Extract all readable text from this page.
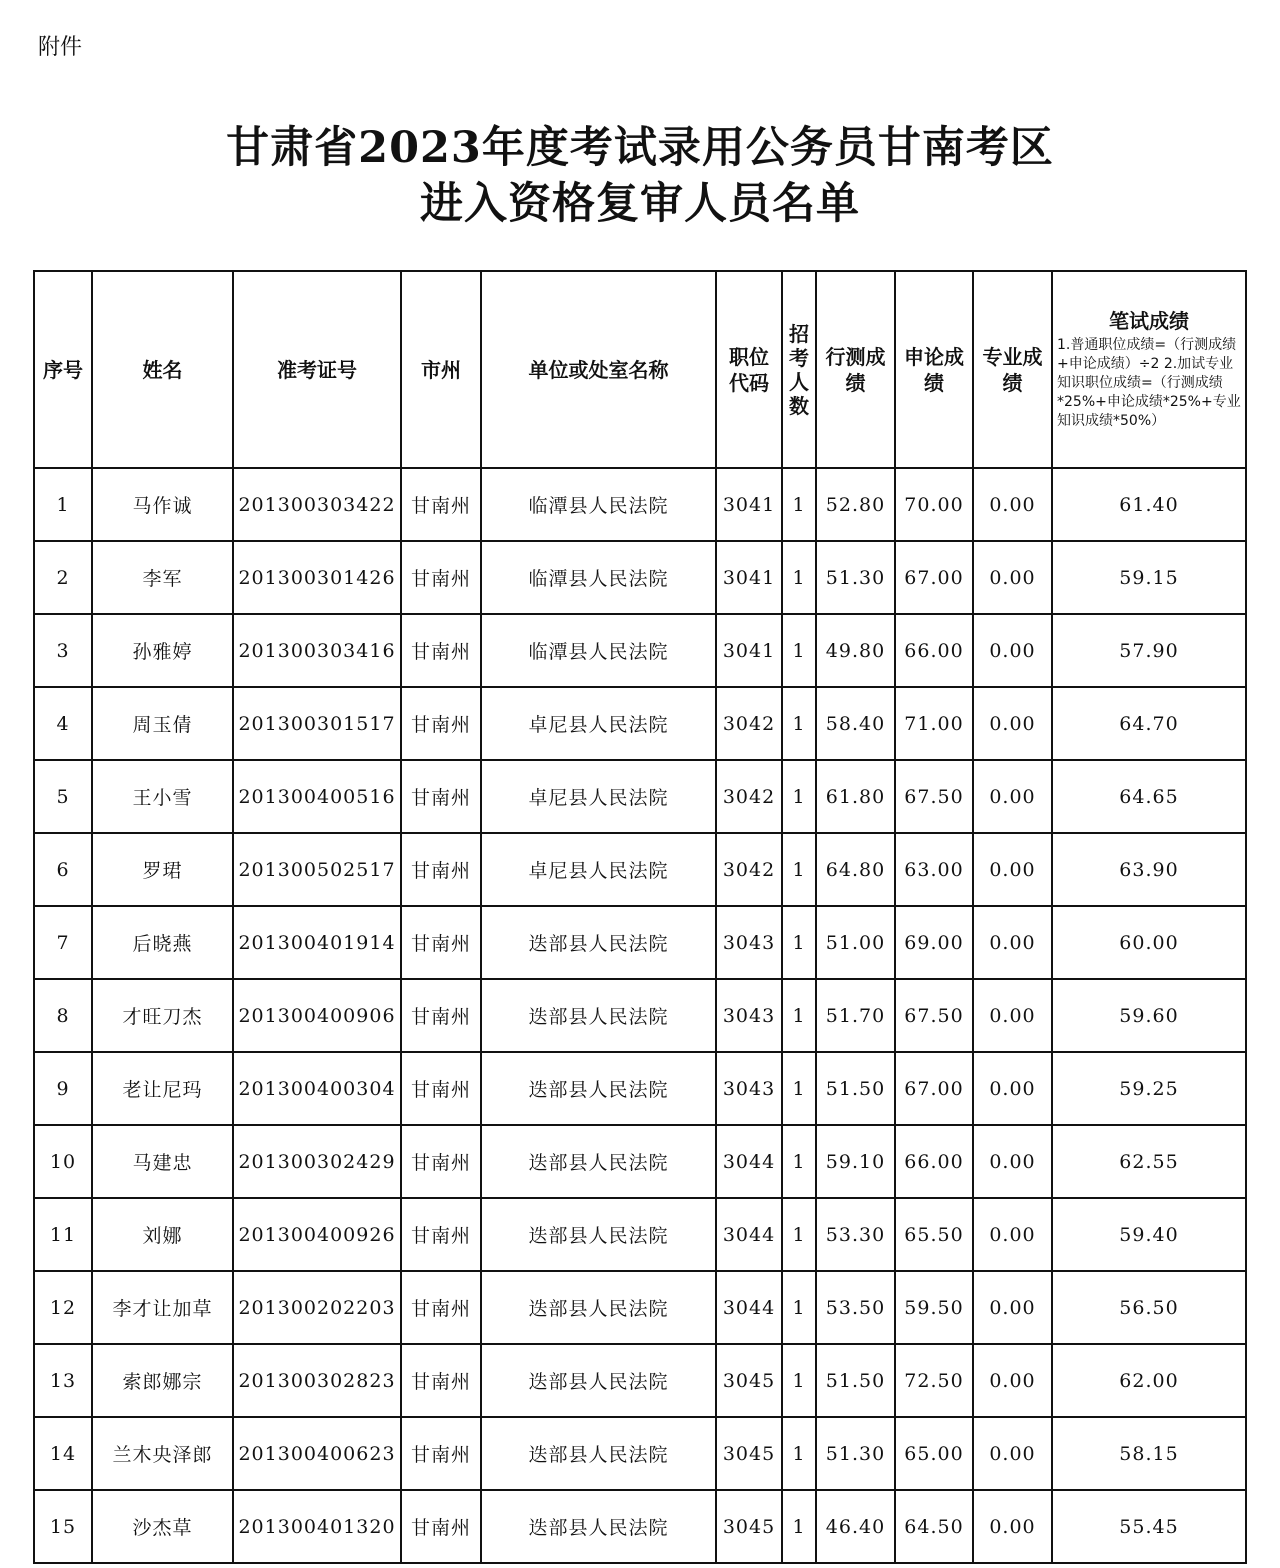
附件
甘肃省2023年度考试录用公务员甘南考区
进入资格复审人员名单
序号	姓名	准考证号	市州	单位或处室名称	职位代码	招考人数	行测成绩	申论成绩	专业成绩	笔试成绩
1.普通职位成绩=（行测成绩+申论成绩）÷2 2.加试专业知识职位成绩=（行测成绩*25%+申论成绩*25%+专业知识成绩*50%）

1	马作诚	201300303422	甘南州	临潭县人民法院	3041	1	52.80	70.00	0.00	61.40
2	李军	201300301426	甘南州	临潭县人民法院	3041	1	51.30	67.00	0.00	59.15
3	孙雅婷	201300303416	甘南州	临潭县人民法院	3041	1	49.80	66.00	0.00	57.90
4	周玉倩	201300301517	甘南州	卓尼县人民法院	3042	1	58.40	71.00	0.00	64.70
5	王小雪	201300400516	甘南州	卓尼县人民法院	3042	1	61.80	67.50	0.00	64.65
6	罗珺	201300502517	甘南州	卓尼县人民法院	3042	1	64.80	63.00	0.00	63.90
7	后晓燕	201300401914	甘南州	迭部县人民法院	3043	1	51.00	69.00	0.00	60.00
8	才旺刀杰	201300400906	甘南州	迭部县人民法院	3043	1	51.70	67.50	0.00	59.60
9	老让尼玛	201300400304	甘南州	迭部县人民法院	3043	1	51.50	67.00	0.00	59.25
10	马建忠	201300302429	甘南州	迭部县人民法院	3044	1	59.10	66.00	0.00	62.55
11	刘娜	201300400926	甘南州	迭部县人民法院	3044	1	53.30	65.50	0.00	59.40
12	李才让加草	201300202203	甘南州	迭部县人民法院	3044	1	53.50	59.50	0.00	56.50
13	索郎娜宗	201300302823	甘南州	迭部县人民法院	3045	1	51.50	72.50	0.00	62.00
14	兰木央泽郎	201300400623	甘南州	迭部县人民法院	3045	1	51.30	65.00	0.00	58.15
15	沙杰草	201300401320	甘南州	迭部县人民法院	3045	1	46.40	64.50	0.00	55.45
